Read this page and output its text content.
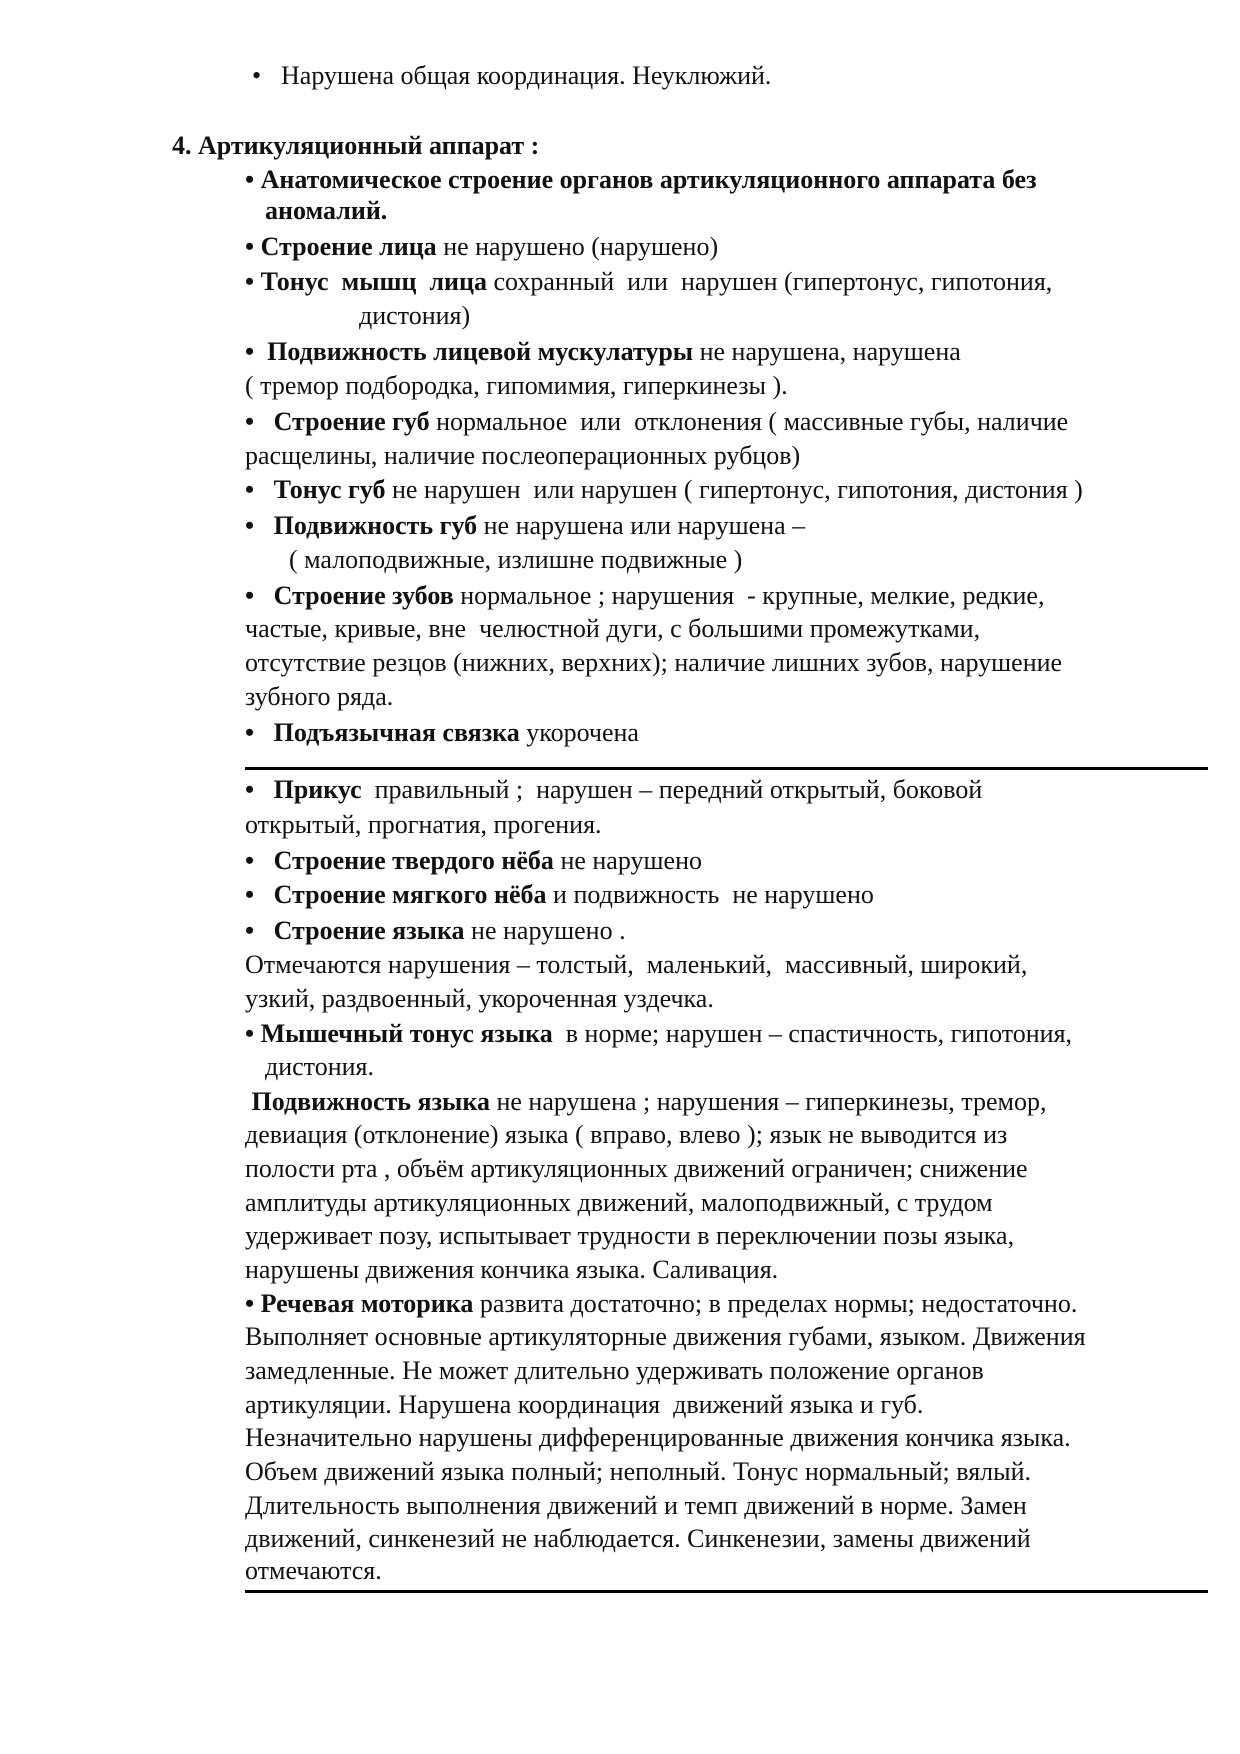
• Нарушена общая координация. Неуклюжий.
4. Артикуляционный аппарат :
• Анатомическое строение органов артикуляционного аппарата без
аномалий.
• Строение лица не нарушено (нарушено)
• Тонус  мышц  лица сохранный  или  нарушен (гипертонус, гипотония,
дистония)
•  Подвижность лицевой мускулатуры не нарушена, нарушена
( тремор подбородка, гипомимия, гиперкинезы ).
•   Строение губ нормальное  или  отклонения ( массивные губы, наличие
расщелины, наличие послеоперационных рубцов)
•   Тонус губ не нарушен  или нарушен ( гипертонус, гипотония, дистония )
•   Подвижность губ не нарушена или нарушена –
( малоподвижные, излишне подвижные )
•   Строение зубов нормальное ; нарушения  - крупные, мелкие, редкие,
частые, кривые, вне  челюстной дуги, с большими промежутками,
отсутствие резцов (нижних, верхних); наличие лишних зубов, нарушение
зубного ряда.
•   Подъязычная связка укорочена
•   Прикус  правильный ;  нарушен – передний открытый, боковой
открытый, прогнатия, прогения.
•   Строение твердого нёба не нарушено
•   Строение мягкого нёба и подвижность  не нарушено
•   Строение языка не нарушено .
Отмечаются нарушения – толстый,  маленький,  массивный, широкий,
узкий, раздвоенный, укороченная уздечка.
• Мышечный тонус языка  в норме; нарушен – спастичность, гипотония,
дистония.
Подвижность языка не нарушена ; нарушения – гиперкинезы, тремор,
девиация (отклонение) языка ( вправо, влево ); язык не выводится из
полости рта , объём артикуляционных движений ограничен; снижение
амплитуды артикуляционных движений, малоподвижный, с трудом
удерживает позу, испытывает трудности в переключении позы языка,
нарушены движения кончика языка. Саливация.
• Речевая моторика развита достаточно; в пределах нормы; недостаточно.
Выполняет основные артикуляторные движения губами, языком. Движения
замедленные. Не может длительно удерживать положение органов
артикуляции. Нарушена координация  движений языка и губ.
Незначительно нарушены дифференцированные движения кончика языка.
Объем движений языка полный; неполный. Тонус нормальный; вялый.
Длительность выполнения движений и темп движений в норме. Замен
движений, синкенезий не наблюдается. Синкенезии, замены движений
отмечаются.
